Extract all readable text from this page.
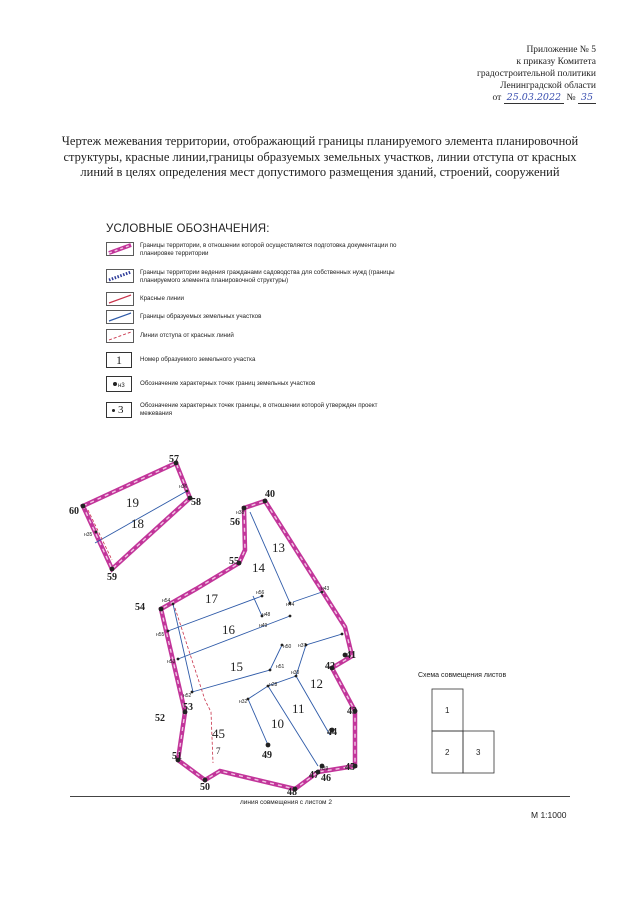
Приложение № 5
к приказу Комитета
градостроительной политики
Ленинградской области
от 25.03.2022 № 35
Чертеж межевания территории, отображающий границы планируемого элемента планировочной структуры, красные линии,границы образуемых земельных участков, линии отступа от красных линий в целях определения мест допустимого размещения зданий, строений, сооружений
УСЛОВНЫЕ ОБОЗНАЧЕНИЯ:
Границы территории, в отношении которой осуществляется подготовка документации по планировке территории
Границы территории ведения гражданами садоводства для собственных нужд (границы планируемого элемента планировочной структуры)
Красные линии
Границы образуемых земельных участков
Линии отступа от красных линий
1	Номер образуемого земельного участка
н3 Обозначение характерных точек границ земельных участков
3	Обозначение характерных точек границы, в отношении которой утвержден проект межевания
19
18
17
16
15
14
13
12
11
10
45
7
57
58
59
60
40
56
55
54
53
52
51
50
49
48
47 46
45
44
43
42
41
н35
н36
н38
н54
н55
н56
н53
н52
н51
н50
н49
н48
н44
н43
н37
н30
н28
н32
н39
1
2	3
Схема совмещения листов
линия совмещения с листом 2
М 1:1000
